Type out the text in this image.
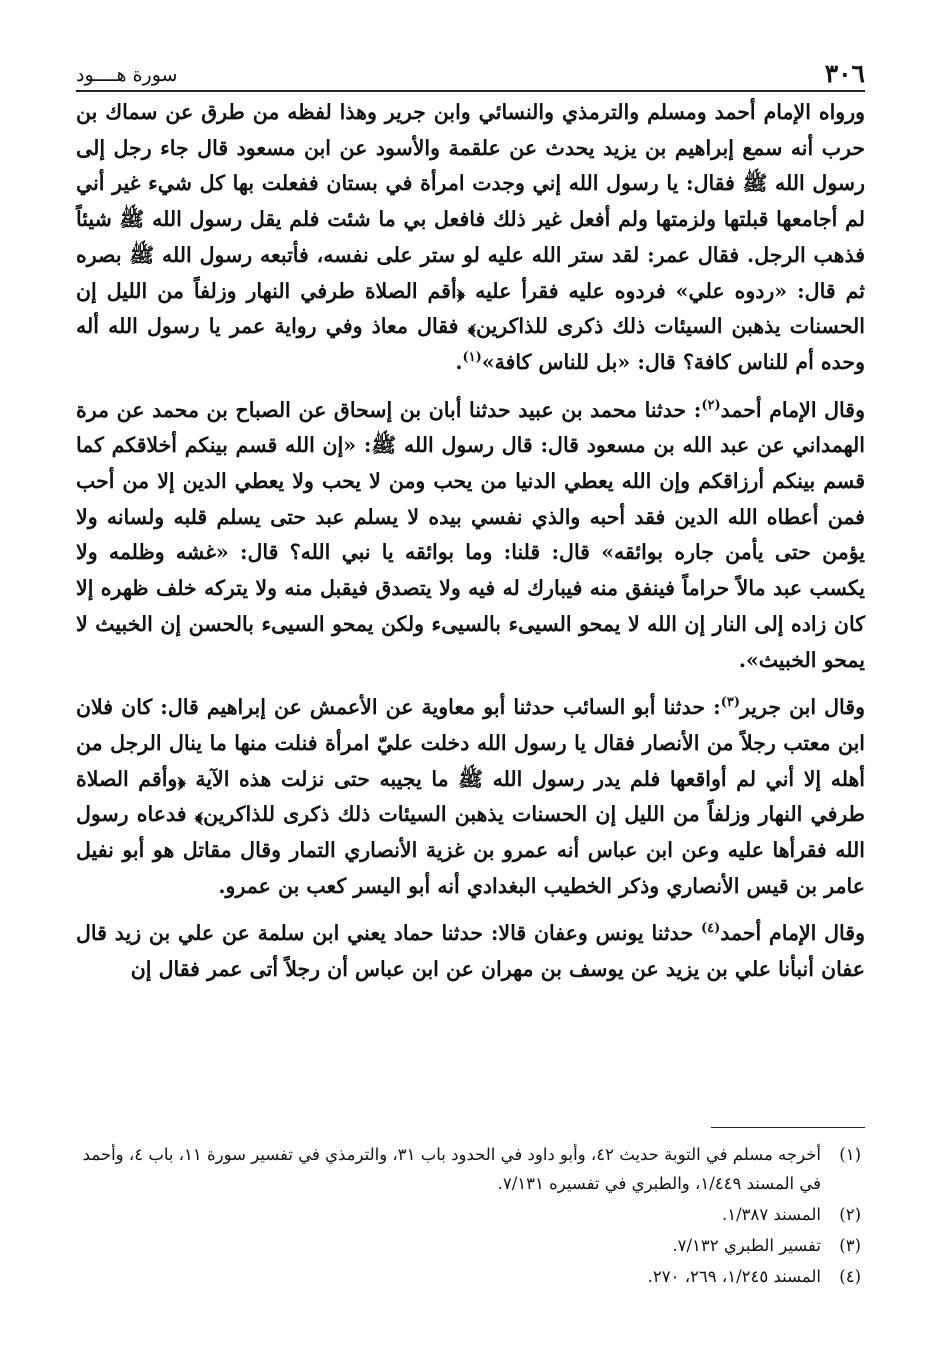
٣٠٦
سورة هــــود

ورواه الإمام أحمد ومسلم والترمذي والنسائي وابن جرير وهذا لفظه من طرق عن سماك بن حرب أنه سمع إبراهيم بن يزيد يحدث عن علقمة والأسود عن ابن مسعود قال جاء رجل إلى رسول الله ﷺ فقال: يا رسول الله إني وجدت امرأة في بستان ففعلت بها كل شيء غير أني لم أجامعها قبلتها ولزمتها ولم أفعل غير ذلك فافعل بي ما شئت فلم يقل رسول الله ﷺ شيئاً فذهب الرجل. فقال عمر: لقد ستر الله عليه لو ستر على نفسه، فأتبعه رسول الله ﷺ بصره ثم قال: «ردوه علي» فردوه عليه فقرأ عليه ﴿أقم الصلاة طرفي النهار وزلفاً من الليل إن الحسنات يذهبن السيئات ذلك ذكرى للذاكرين﴾ فقال معاذ وفي رواية عمر يا رسول الله أله وحده أم للناس كافة؟ قال: «بل للناس كافة»$^{(١)}$.

وقال الإمام أحمد$^{(٢)}$: حدثنا محمد بن عبيد حدثنا أبان بن إسحاق عن الصباح بن محمد عن مرة الهمداني عن عبد الله بن مسعود قال: قال رسول الله ﷺ: «إن الله قسم بينكم أخلاقكم كما قسم بينكم أرزاقكم وإن الله يعطي الدنيا من يحب ومن لا يحب ولا يعطي الدين إلا من أحب فمن أعطاه الله الدين فقد أحبه والذي نفسي بيده لا يسلم عبد حتى يسلم قلبه ولسانه ولا يؤمن حتى يأمن جاره بوائقه» قال: قلنا: وما بوائقه يا نبي الله؟ قال: «غشه وظلمه ولا يكسب عبد مالاً حراماً فينفق منه فيبارك له فيه ولا يتصدق فيقبل منه ولا يتركه خلف ظهره إلا كان زاده إلى النار إن الله لا يمحو السيىء بالسيىء ولكن يمحو السيىء بالحسن إن الخبيث لا يمحو الخبيث».

وقال ابن جرير$^{(٣)}$: حدثنا أبو السائب حدثنا أبو معاوية عن الأعمش عن إبراهيم قال: كان فلان ابن معتب رجلاً من الأنصار فقال يا رسول الله دخلت عليّ امرأة فنلت منها ما ينال الرجل من أهله إلا أني لم أواقعها فلم يدر رسول الله ﷺ ما يجيبه حتى نزلت هذه الآية ﴿وأقم الصلاة طرفي النهار وزلفاً من الليل إن الحسنات يذهبن السيئات ذلك ذكرى للذاكرين﴾ فدعاه رسول الله فقرأها عليه وعن ابن عباس أنه عمرو بن غزية الأنصاري التمار وقال مقاتل هو أبو نفيل عامر بن قيس الأنصاري وذكر الخطيب البغدادي أنه أبو اليسر كعب بن عمرو.

وقال الإمام أحمد$^{(٤)}$ حدثنا يونس وعفان قالا: حدثنا حماد يعني ابن سلمة عن علي بن زيد قال عفان أنبأنا علي بن يزيد عن يوسف بن مهران عن ابن عباس أن رجلاً أتى عمر فقال إن

(١)
أخرجه مسلم في التوبة حديث ٤٢، وأبو داود في الحدود باب ٣١، والترمذي في تفسير سورة ١١، باب ٤، وأحمد في المسند ١/٤٤٩، والطبري في تفسيره ٧/١٣١.
(٢)
المسند ١/٣٨٧.
(٣)
تفسير الطبري ٧/١٣٢.
(٤)
المسند ١/٢٤٥، ٢٦٩، ٢٧٠.
